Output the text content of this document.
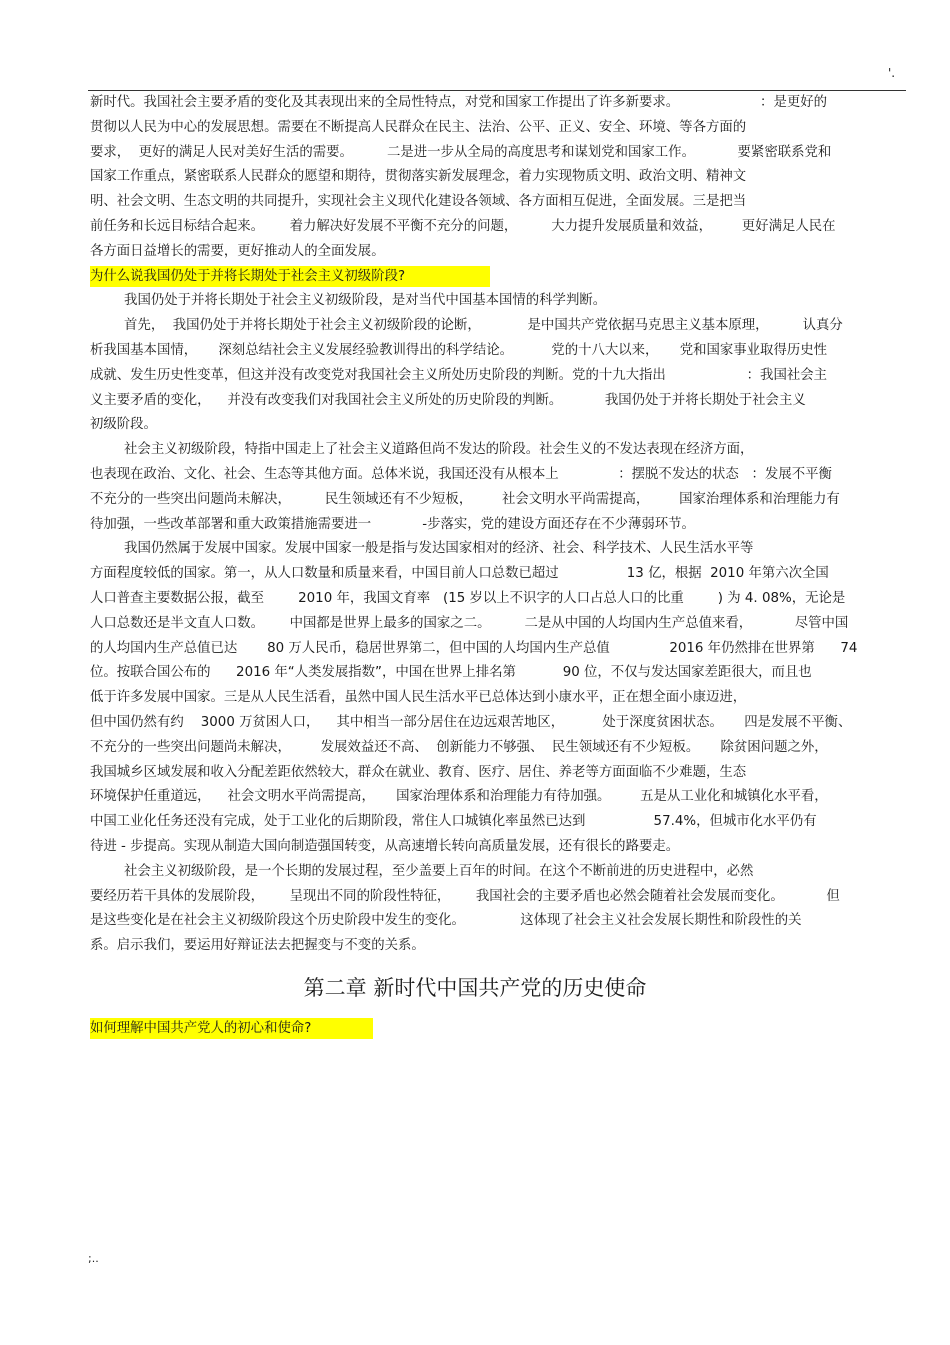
'.
新时代。我国社会主要矛盾的变化及其表现出来的全局性特点，对党和国家工作提出了许多新要求。                   ：是更好的
贯彻以人民为中心的发展思想。需要在不断提高人民群众在民主、法治、公平、正义、安全、环境、等各方面的
要求，  更好的满足人民对美好生活的需要。        二是进一步从全局的高度思考和谋划党和国家工作。          要紧密联系党和
国家工作重点，紧密联系人民群众的愿望和期待，贯彻落实新发展理念，着力实现物质文明、政治文明、精神文
明、社会文明、生态文明的共同提升，实现社会主义现代化建设各领域、各方面相互促进，全面发展。三是把当
前任务和长远目标结合起来。      着力解决好发展不平衡不充分的问题，        大力提升发展质量和效益，       更好满足人民在
各方面日益增长的需要，更好推动人的全面发展。
为什么说我国仍处于并将长期处于社会主义初级阶段?
我国仍处于并将长期处于社会主义初级阶段，是对当代中国基本国情的科学判断。
首先，  我国仍处于并将长期处于社会主义初级阶段的论断，           是中国共产党依据马克思主义基本原理，        认真分
析我国基本国情，     深刻总结社会主义发展经验教训得出的科学结论。         党的十八大以来，     党和国家事业取得历史性
成就、发生历史性变革，但这并没有改变党对我国社会主义所处历史阶段的判断。党的十九大指出                   ：我国社会主
义主要矛盾的变化，    并没有改变我们对我国社会主义所处的历史阶段的判断。          我国仍处于并将长期处于社会主义
初级阶段。
社会主义初级阶段，特指中国走上了社会主义道路但尚不发达的阶段。社会生义的不发达表现在经济方面，
也表现在政治、文化、社会、生态等其他方面。总体米说，我国还没有从根本上              ：摆脱不发达的状态   ：发展不平衡
不充分的一些突出问题尚未解决，        民生领域还有不少短板，       社会文明水平尚需提高，       国家治理体系和治理能力有
待加强，一些改革部署和重大政策措施需要进一            -步落实，党的建设方面还存在不少薄弱环节。
我国仍然属于发展中国家。发展中国家一般是指与发达国家相对的经济、社会、科学技术、人民生活水平等
方面程度较低的国家。第一，从人口数量和质量来看，中国目前人口总数已超过                13 亿，根据  2010 年第六次全国
人口普查主要数据公报，截至        2010 年，我国文育率   (15 岁以上不识字的人口占总人口的比重        ) 为 4. 08%，无论是
人口总数还是半文直人口数。      中国都是世界上最多的国家之二。        二是从中国的人均国内生产总值来看，          尽管中国
的人均国内生产总值已达       80 万人民币，稳居世界第二，但中国的人均国内生产总值              2016 年仍然排在世界第      74
位。按联合国公布的      2016 年“人类发展指数”，中国在世界上排名第           90 位，不仅与发达国家差距很大，而且也
低于许多发展中国家。三是从人民生活看，虽然中国人民生活水平已总体达到小康水平，正在想全面小康迈进，
但中国仍然有约    3000 万贫困人口，    其中相当一部分居住在边远艰苦地区，         处于深度贫困状态。     四是发展不平衡、
不充分的一些突出问题尚未解决，       发展效益还不高、  创新能力不够强、  民生领域还有不少短板。     除贫困问题之外，
我国城乡区域发展和收入分配差距依然较大，群众在就业、教育、医疗、居住、养老等方面面临不少难题，生态
环境保护任重道远，    社会文明水平尚需提高，     国家治理体系和治理能力有待加强。       五是从工业化和城镇化水平看，
中国工业化任务还没有完成，处于工业化的后期阶段，常住人口城镇化率虽然已达到                57.4%，但城市化水平仍有
待进 - 步提高。实现从制造大国向制造强国转变，从高速增长转向高质量发展，还有很长的路要走。
社会主义初级阶段，是一个长期的发展过程，至少盖要上百年的时间。在这个不断前进的历史进程中，必然
要经历若干具体的发展阶段，      呈现出不同的阶段性特征，      我国社会的主要矛盾也必然会随着社会发展而变化。          但
是这些变化是在社会主义初级阶段这个历史阶段中发生的变化。             这体现了社会主义社会发展长期性和阶段性的关
系。启示我们，要运用好辩证法去把握变与不变的关系。
第二章 新时代中国共产党的历史使命
如何理解中国共产党人的初心和使命?
;..
